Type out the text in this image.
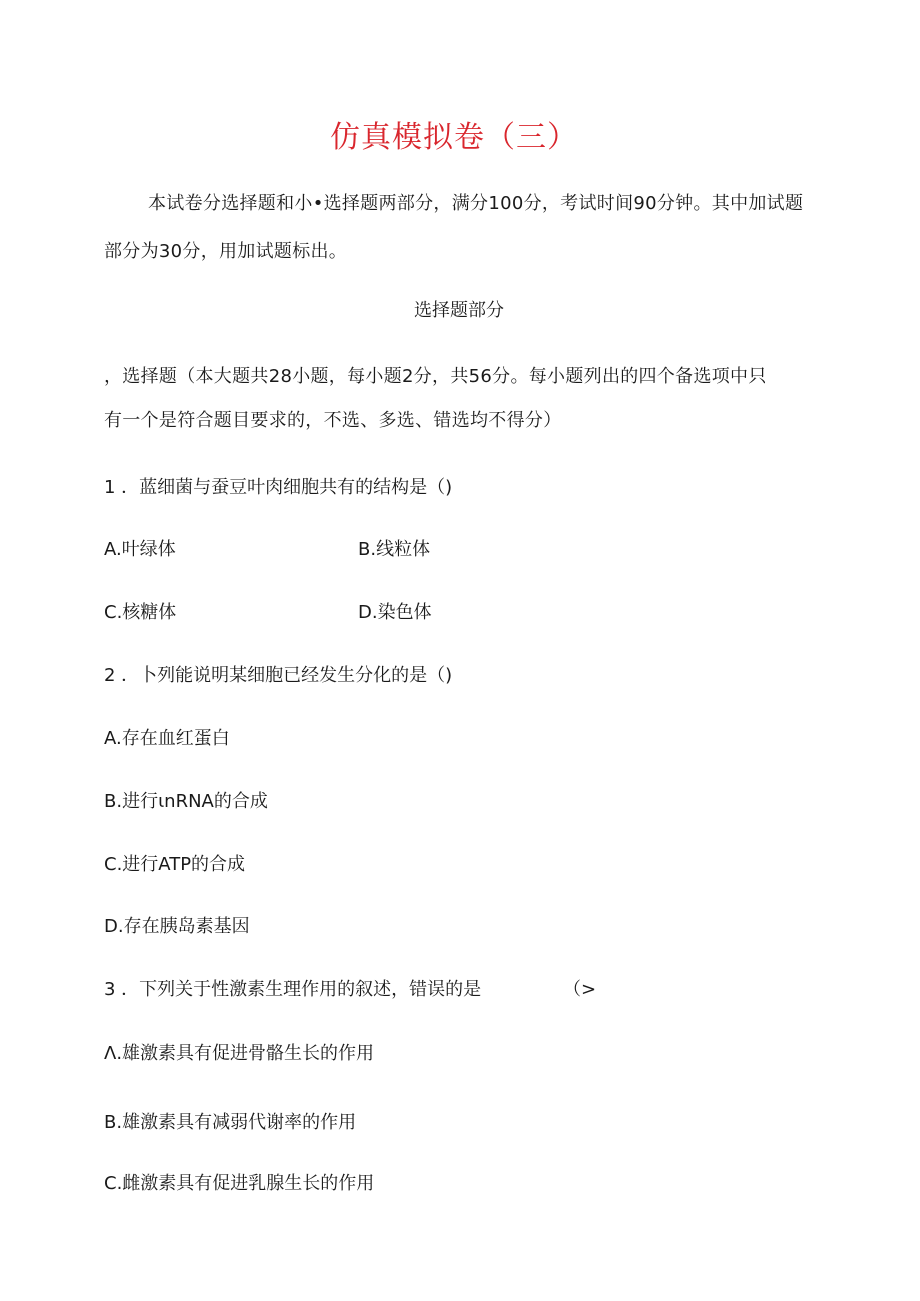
仿真模拟卷（三）

本试卷分选择题和小•选择题两部分，满分100分，考试时间90分钟。其中加试题

部分为30分，用加试题标出。

选择题部分

，选择题（本大题共28小题，每小题2分，共56分。每小题列出的四个备选项中只

有一个是符合题目要求的，不选、多选、错选均不得分）

1 ．蓝细菌与蚕豆叶肉细胞共有的结构是（)
A.叶绿体	B.线粒体
C.核糖体	D.染色体
2 ．卜列能说明某细胞已经发生分化的是（)
A.存在血红蛋白
B.进行ιnRNA的合成
C.进行ATP的合成
D.存在胰岛素基因
3 ．下列关于性激素生理作用的叙述，错误的是	（>
Λ.雄激素具有促进骨骼生长的作用
B.雄激素具有减弱代谢率的作用
C.雌激素具有促进乳腺生长的作用
